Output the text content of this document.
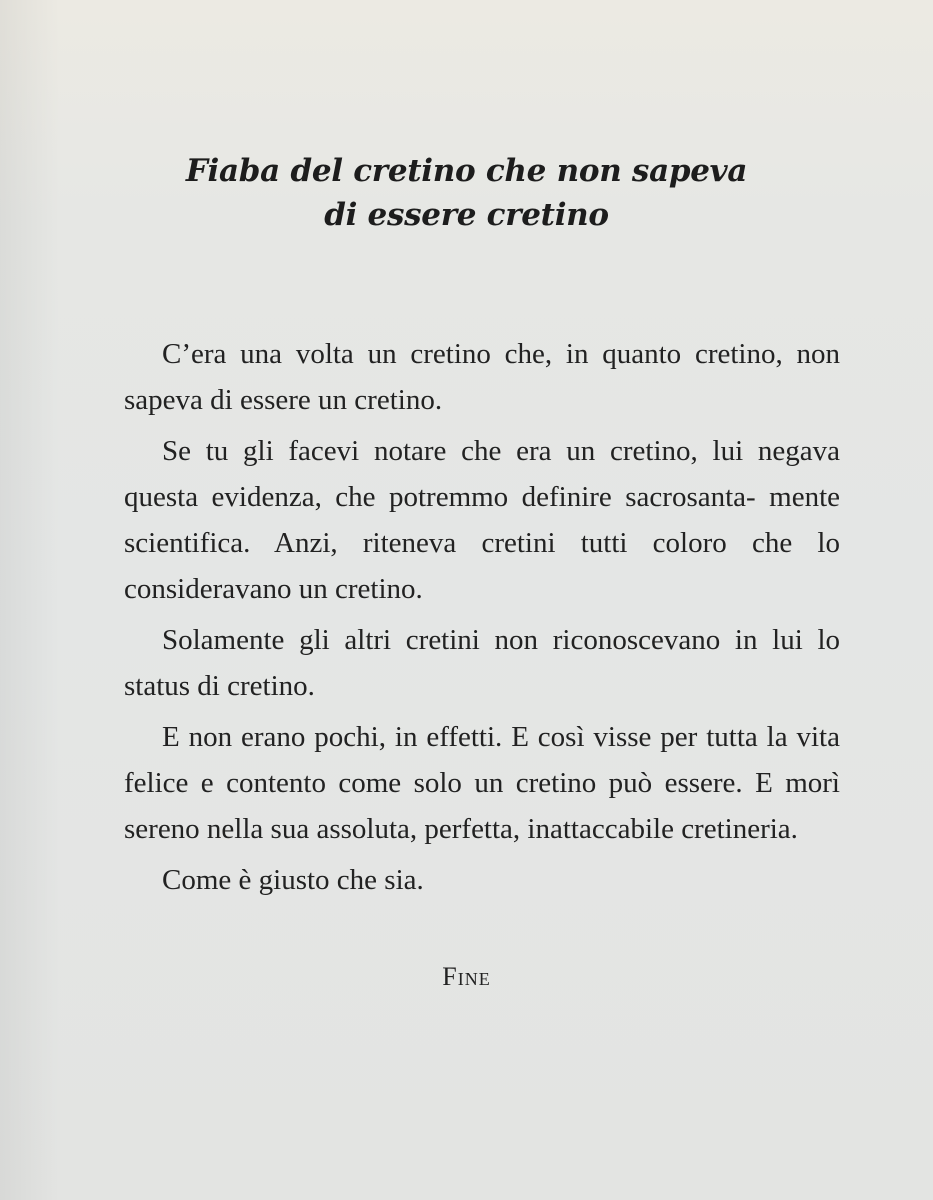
Fiaba del cretino che non sapeva
di essere cretino

C’era una volta un cretino che, in quanto cretino, non sapeva di essere un cretino.

Se tu gli facevi notare che era un cretino, lui negava questa evidenza, che potremmo definire sacrosanta- mente scientifica. Anzi, riteneva cretini tutti coloro che lo consideravano un cretino.

Solamente gli altri cretini non riconoscevano in lui lo status di cretino.

E non erano pochi, in effetti. E così visse per tutta la vita felice e contento come solo un cretino può essere. E morì sereno nella sua assoluta, perfetta, inattaccabile cretineria.

Come è giusto che sia.

Fine
